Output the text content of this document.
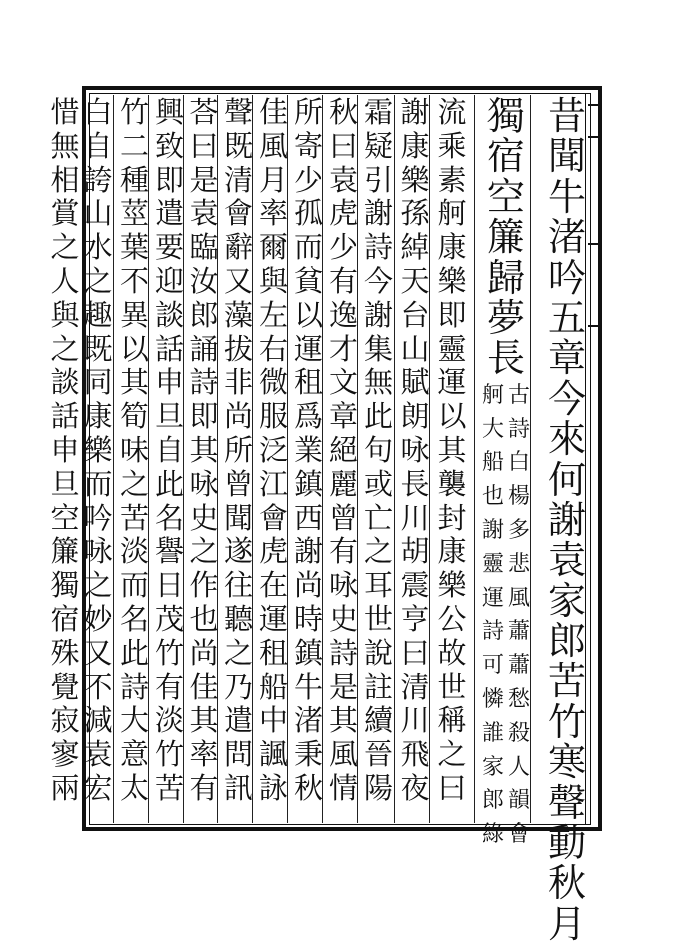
昔
聞
牛
渚
吟
五
章
今
來
何
謝
袁
家
郎
苦
竹
寒
聲
動
秋
月
獨
宿
空
簾
歸
夢
長
舸
大
船
也
謝
靈
運
詩
可
憐
誰
家
郎
綠
古
詩
白
楊
多
悲
風
蕭
蕭
愁
殺
人
韻
會
流
乘
素
舸
康
樂
即
靈
運
以
其
襲
封
康
樂
公
故
世
稱
之
曰
謝
康
樂
孫
綽
天
台
山
賦
朗
咏
長
川
胡
震
亨
曰
清
川
飛
夜
霜
疑
引
謝
詩
今
謝
集
無
此
句
或
亡
之
耳
世
說
註
續
晉
陽
秋
曰
袁
虎
少
有
逸
才
文
章
絕
麗
曾
有
咏
史
詩
是
其
風
情
所
寄
少
孤
而
貧
以
運
租
爲
業
鎮
西
謝
尚
時
鎮
牛
渚
秉
秋
佳
風
月
率
爾
與
左
右
微
服
泛
江
會
虎
在
運
租
船
中
諷
詠
聲
既
清
會
辭
又
藻
拔
非
尚
所
曾
聞
遂
往
聽
之
乃
遣
問
訊
荅
曰
是
袁
臨
汝
郎
誦
詩
即
其
咏
史
之
作
也
尚
佳
其
率
有
興
致
即
遣
要
迎
談
話
申
旦
自
此
名
譽
日
茂
竹
有
淡
竹
苦
竹
二
種
莖
葉
不
異
以
其
筍
味
之
苦
淡
而
名
此
詩
大
意
太
白
自
誇
山
水
之
趣
既
同
康
樂
而
吟
咏
之
妙
又
不
減
袁
宏
惜
無
相
賞
之
人
與
之
談
話
申
旦
空
簾
獨
宿
殊
覺
寂
寥
兩
